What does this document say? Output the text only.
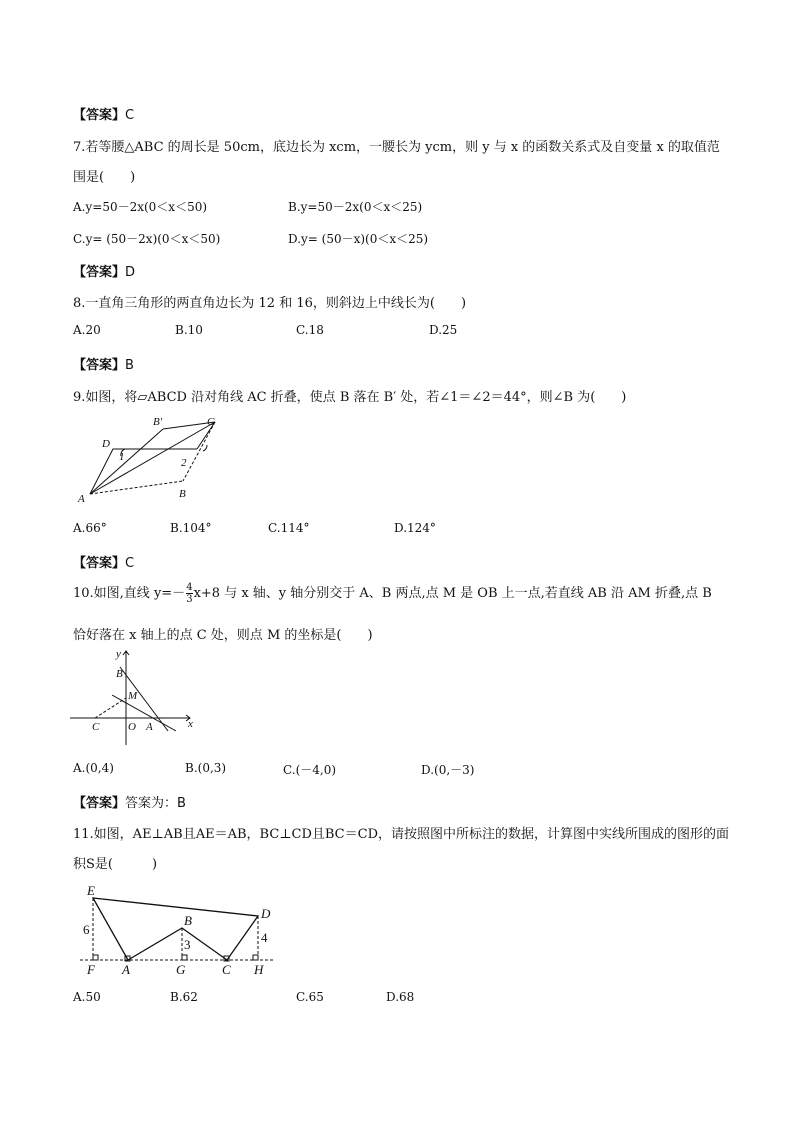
【答案】C
7.若等腰△ABC 的周长是 50cm，底边长为 xcm，一腰长为 ycm，则 y 与 x 的函数关系式及自变量 x 的取值范
围是(　　)
A.y=50－2x(0＜x＜50)	B.y=50－2x(0＜x＜25)
C.y= (50－2x)(0＜x＜50)	D.y= (50－x)(0＜x＜25)
【答案】D
8.一直角三角形的两直角边长为 12 和 16，则斜边上中线长为(　　)
A.20	B.10	C.18	D.25
【答案】B
9.如图，将▱ABCD 沿对角线 AC 折叠，使点 B 落在 B′ 处，若∠1＝∠2＝44°，则∠B 为(　　)
A
D
B′	C
B
1	2
A.66°	B.104°	C.114°	D.124°
【答案】C
10.如图,直线 $y=- \frac{4}{3} x+8$ 与 x 轴、y 轴分别交于 A、B 两点,点 M 是 OB 上一点,若直线 AB 沿 AM 折叠,点 B
恰好落在 x 轴上的点 C 处，则点 M 的坐标是(　　)
y
x
B
M
C	O A
A.(0,4)	B.(0,3)	C.(－4,0)	D.(0,－3)
【答案】答案为：B
11.如图，AE⊥AB且AE＝AB，BC⊥CD且BC＝CD，请按照图中所标注的数据，计算图中实线所围成的图形的面
积S是(　　　)
E
D
B
F A	G	C H
6
3	4
A.50	B.62	C.65	D.68
